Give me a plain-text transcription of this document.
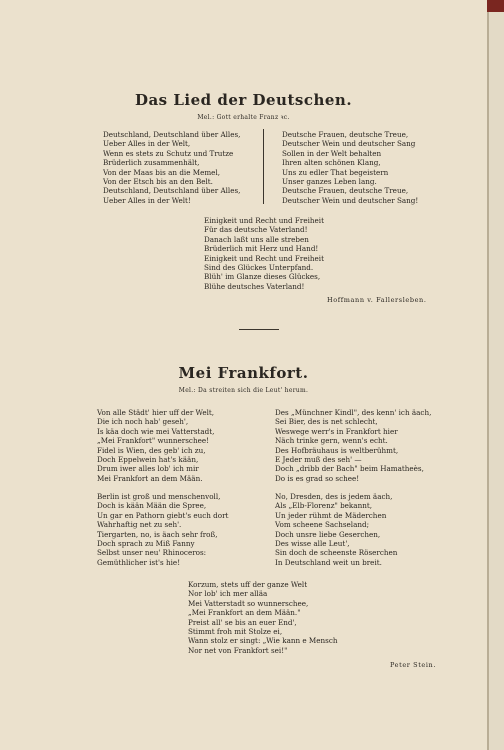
Das Lied der Deutschen.
Mel.: Gott erhalte Franz ꝛc.
Deutschland, Deutschland über Alles,
Ueber Alles in der Welt,
Wenn es stets zu Schutz und Trutze
Brüderlich zusammenhält,
Von der Maas bis an die Memel,
Von der Etsch bis an den Belt.
Deutschland, Deutschland über Alles,
Ueber Alles in der Welt!
Deutsche Frauen, deutsche Treue,
Deutscher Wein und deutscher Sang
Sollen in der Welt behalten
Ihren alten schönen Klang,
Uns zu edler That begeistern
Unser ganzes Leben lang.
Deutsche Frauen, deutsche Treue,
Deutscher Wein und deutscher Sang!
Einigkeit und Recht und Freiheit
Für das deutsche Vaterland!
Danach laßt uns alle streben
Brüderlich mit Herz und Hand!
Einigkeit und Recht und Freiheit
Sind des Glückes Unterpfand.
Blüh' im Glanze dieses Glückes,
Blühe deutsches Vaterland!
Hoffmann v. Fallersleben.
Mei Frankfort.
Mel.: Da streiten sich die Leut' herum.
Von alle Städt' hier uff der Welt,
Die ich noch hab' geseh',
Is käa doch wie mei Vatterstadt,
„Mei Frankfort" wunnerschee!
Fidel is Wien, des geb' ich zu,
Doch Eppelwein hat's kään,
Drum iwer alles lob' ich mir
Mei Frankfort an dem Mään.
Berlin ist groß und menschenvoll,
Doch is kään Mään die Spree,
Un gar en Pathorn giebt's euch dort
Wahrhaftig net zu seh'.
Tiergarten, no, is äach sehr froß,
Doch sprach zu Miß Fanny
Selbst unser neu' Rhinoceros:
Gemüthlicher ist's hie!
Des „Münchner Kindl", des kenn' ich äach,
Sei Bier, des is net schlecht,
Weswege werr's in Frankfort hier
Näch trinke gern, wenn's echt.
Des Hofbräuhaus is weltberühmt,
E Jeder muß des seh' —
Doch „dribb der Bach" beim Hamatheès,
Do is es grad so schee!
No, Dresden, des is jedem äach,
Als „Elb-Florenz" bekannt,
Un jeder rühmt de Mäderchen
Vom scheene Sachseland;
Doch unsre liebe Geserchen,
Des wisse alle Leut',
Sin doch de scheenste Röserchen
In Deutschland weit un breit.
Korzum, stets uff der ganze Welt
Nor lob' ich mer alläa
Mei Vatterstadt so wunnerschee,
„Mei Frankfort an dem Mään."
Preist all' se bis an euer End',
Stimmt froh mit Stolze ei,
Wann stolz er singt: „Wie kann e Mensch
Nor net von Frankfort sei!"
Peter Stein.
